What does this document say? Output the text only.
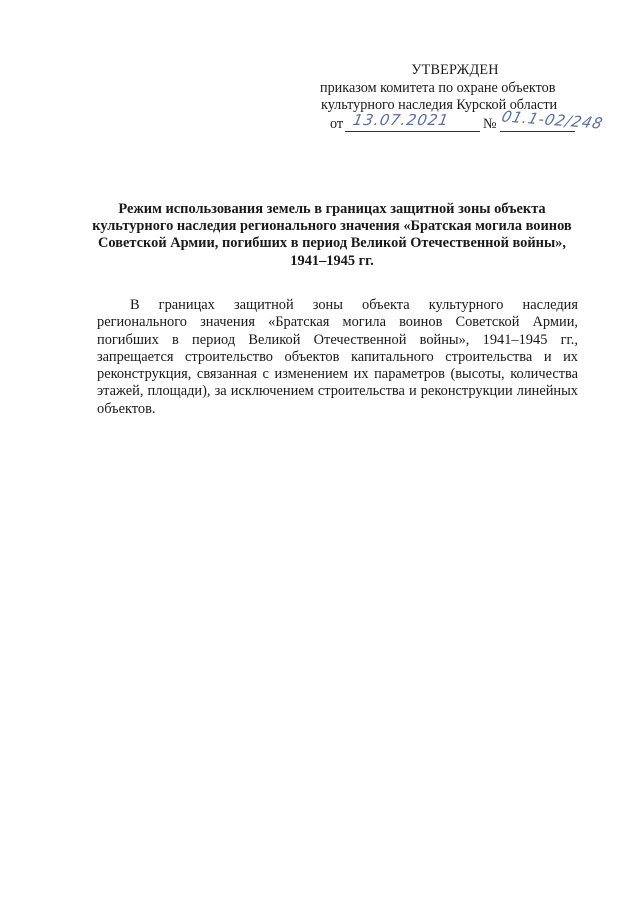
УТВЕРЖДЕН
приказом комитета по охране объектов
культурного наследия Курской области
от 13.07.2021 № 01.1-02/248
Режим использования земель в границах защитной зоны объекта культурного наследия регионального значения «Братская могила воинов Советской Армии, погибших в период Великой Отечественной войны», 1941–1945 гг.
В границах защитной зоны объекта культурного наследия регионального значения «Братская могила воинов Советской Армии, погибших в период Великой Отечественной войны», 1941–1945 гг., запрещается строительство объектов капитального строительства и их реконструкция, связанная с изменением их параметров (высоты, количества этажей, площади), за исключением строительства и реконструкции линейных объектов.
